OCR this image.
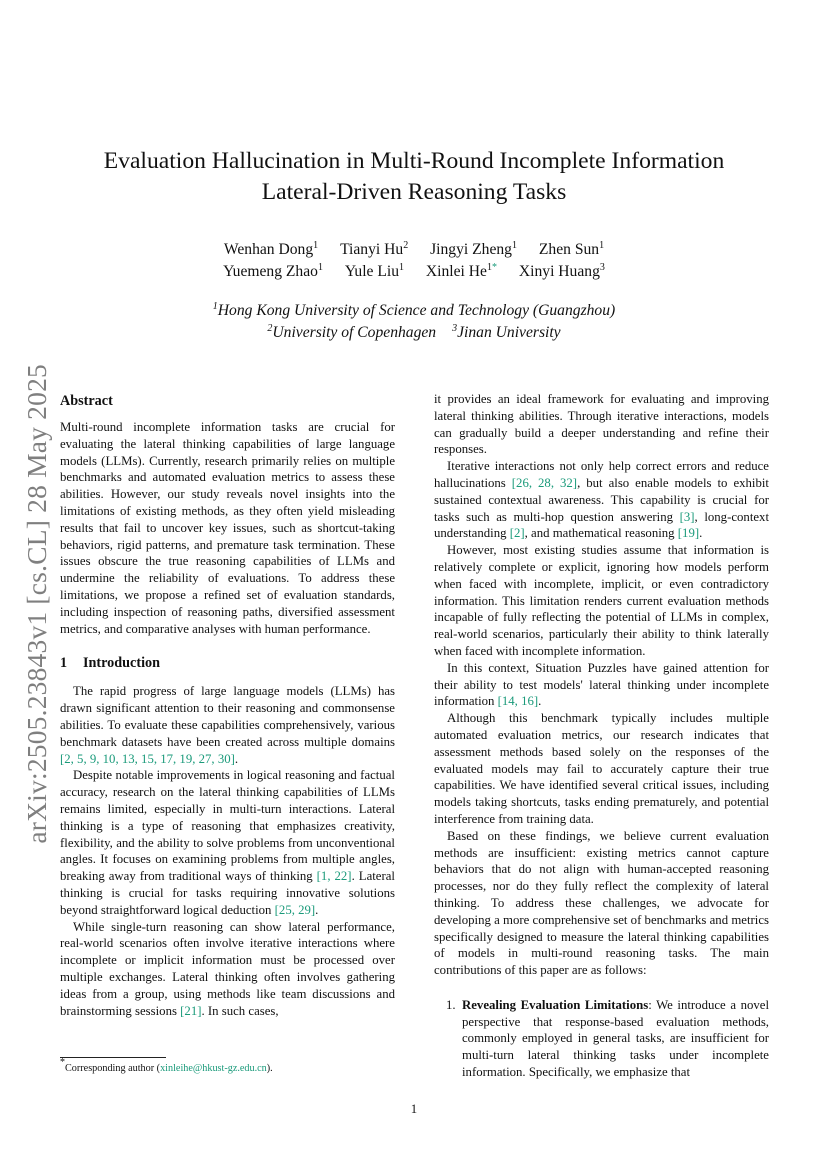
arXiv:2505.23843v1 [cs.CL] 28 May 2025
Evaluation Hallucination in Multi-Round Incomplete Information
Lateral-Driven Reasoning Tasks
Wenhan Dong$^1$ Tianyi Hu$^2$ Jingyi Zheng$^1$ Zhen Sun$^1$
Yuemeng Zhao$^1$ Yule Liu$^1$ Xinlei $He^{1*}$ Xinyi Huang$^3$
$^1$Hong Kong University of Science and Technology (Guangzhou)
$^2$University of Copenhagen $^3$Jinan University
Abstract

Multi-round incomplete information tasks are crucial for evaluating the lateral thinking capabilities of large language models (LLMs). Currently, research primarily relies on multiple benchmarks and automated evaluation metrics to assess these abilities. However, our study reveals novel insights into the limitations of existing methods, as they often yield misleading results that fail to uncover key issues, such as shortcut-taking behaviors, rigid patterns, and premature task termination. These issues obscure the true reasoning capabilities of LLMs and undermine the reliability of evaluations. To address these limitations, we propose a refined set of evaluation standards, including inspection of reasoning paths, diversified assessment metrics, and comparative analyses with human performance.

1 Introduction

The rapid progress of large language models (LLMs) has drawn significant attention to their reasoning and commonsense abilities. To evaluate these capabilities comprehensively, various benchmark datasets have been created across multiple domains [2, 5, 9, 10, 13, 15, 17, 19, 27, 30].

Despite notable improvements in logical reasoning and factual accuracy, research on the lateral thinking capabilities of LLMs remains limited, especially in multi-turn interactions. Lateral thinking is a type of reasoning that emphasizes creativity, flexibility, and the ability to solve problems from unconventional angles. It focuses on examining problems from multiple angles, breaking away from traditional ways of thinking [1, 22]. Lateral thinking is crucial for tasks requiring innovative solutions beyond straightforward logical deduction [25, 29].

While single-turn reasoning can show lateral performance, real-world scenarios often involve iterative interactions where incomplete or implicit information must be processed over multiple exchanges. Lateral thinking often involves gathering ideas from a group, using methods like team discussions and brainstorming sessions [21]. In such cases,

it provides an ideal framework for evaluating and improving lateral thinking abilities. Through iterative interactions, models can gradually build a deeper understanding and refine their responses.

Iterative interactions not only help correct errors and reduce hallucinations [26, 28, 32], but also enable models to exhibit sustained contextual awareness. This capability is crucial for tasks such as multi-hop question answering [3], long-context understanding [2], and mathematical reasoning [19].

However, most existing studies assume that information is relatively complete or explicit, ignoring how models perform when faced with incomplete, implicit, or even contradictory information. This limitation renders current evaluation methods incapable of fully reflecting the potential of LLMs in complex, real-world scenarios, particularly their ability to think laterally when faced with incomplete information.

In this context, Situation Puzzles have gained attention for their ability to test models' lateral thinking under incomplete information [14, 16].

Although this benchmark typically includes multiple automated evaluation metrics, our research indicates that assessment methods based solely on the responses of the evaluated models may fail to accurately capture their true capabilities. We have identified several critical issues, including models taking shortcuts, tasks ending prematurely, and potential interference from training data.

Based on these findings, we believe current evaluation methods are insufficient: existing metrics cannot capture behaviors that do not align with human-accepted reasoning processes, nor do they fully reflect the complexity of lateral thinking. To address these challenges, we advocate for developing a more comprehensive set of benchmarks and metrics specifically designed to measure the lateral thinking capabilities of models in multi-round reasoning tasks. The main contributions of this paper are as follows:

1. Revealing Evaluation Limitations: We introduce a novel perspective that response-based evaluation methods, commonly employed in general tasks, are insufficient for multi-turn lateral thinking tasks under incomplete information. Specifically, we emphasize that
*Corresponding author (xinleihe@hkust-gz.edu.cn).
1
